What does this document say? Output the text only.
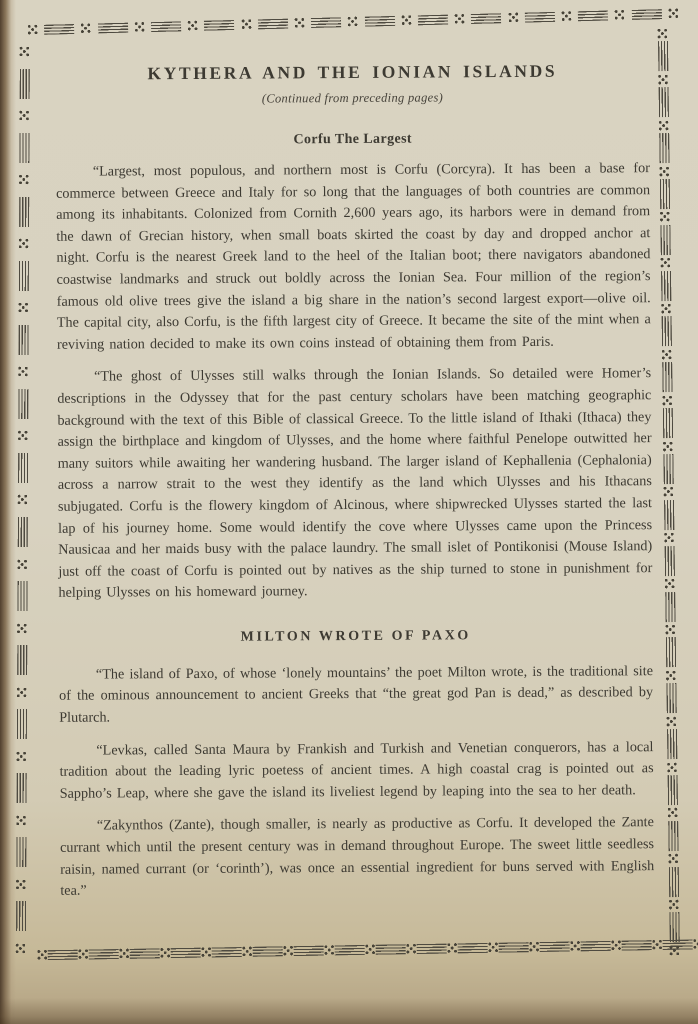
KYTHERA AND THE IONIAN ISLANDS
(Continued from preceding pages)
Corfu The Largest

“Largest, most populous, and northern most is Corfu (Corcyra). It has been a base for commerce between Greece and Italy for so long that the languages of both countries are common among its inhabitants. Colonized from Cornith 2,600 years ago, its harbors were in demand from the dawn of Grecian history, when small boats skirted the coast by day and dropped anchor at night. Corfu is the nearest Greek land to the heel of the Italian boot; there navigators abandoned coastwise landmarks and struck out boldly across the Ionian Sea. Four million of the region’s famous old olive trees give the island a big share in the nation’s second largest export—olive oil. The capital city, also Corfu, is the fifth largest city of Greece. It became the site of the mint when a reviving nation decided to make its own coins instead of obtaining them from Paris.

“The ghost of Ulysses still walks through the Ionian Islands. So detailed were Homer’s descriptions in the Odyssey that for the past century scholars have been matching geographic background with the text of this Bible of classical Greece. To the little island of Ithaki (Ithaca) they assign the birthplace and kingdom of Ulysses, and the home where faithful Penelope outwitted her many suitors while awaiting her wandering husband. The larger island of Kephallenia (Cephalonia) across a narrow strait to the west they identify as the land which Ulysses and his Ithacans subjugated. Corfu is the flowery kingdom of Alcinous, where shipwrecked Ulysses started the last lap of his journey home. Some would identify the cove where Ulysses came upon the Princess Nausicaa and her maids busy with the palace laundry. The small islet of Pontikonisi (Mouse Island) just off the coast of Corfu is pointed out by natives as the ship turned to stone in punishment for helping Ulysses on his homeward journey.

MILTON WROTE OF PAXO

“The island of Paxo, of whose ‘lonely mountains’ the poet Milton wrote, is the traditional site of the ominous announcement to ancient Greeks that “the great god Pan is dead,” as described by Plutarch.

“Levkas, called Santa Maura by Frankish and Turkish and Venetian conquerors, has a local tradition about the leading lyric poetess of ancient times. A high coastal crag is pointed out as Sappho’s Leap, where she gave the island its liveliest legend by leaping into the sea to her death.

“Zakynthos (Zante), though smaller, is nearly as productive as Corfu. It developed the Zante currant which until the present century was in demand throughout Europe. The sweet little seedless raisin, named currant (or ‘corinth’), was once an essential ingredient for buns served with English tea.”
